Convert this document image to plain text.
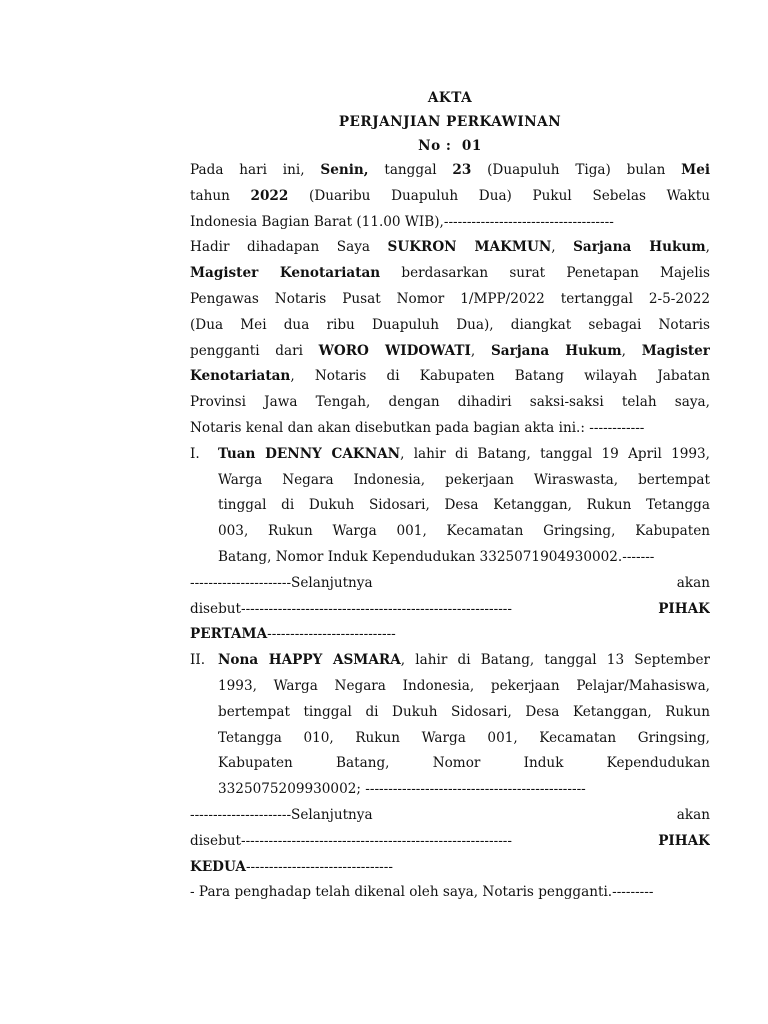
AKTA
PERJANJIAN PERKAWINAN
No : 01
Pada hari ini, Senin, tanggal 23 (Duapuluh Tiga) bulan Mei
tahun 2022 (Duaribu Duapuluh Dua) Pukul Sebelas Waktu
Indonesia Bagian Barat (11.00 WIB),-------------------------------------
Hadir dihadapan Saya SUKRON MAKMUN, Sarjana Hukum,
Magister Kenotariatan berdasarkan surat Penetapan Majelis
Pengawas Notaris Pusat Nomor 1/MPP/2022 tertanggal 2-5-2022
(Dua Mei dua ribu Duapuluh Dua), diangkat sebagai Notaris
pengganti dari WORO WIDOWATI, Sarjana Hukum, Magister
Kenotariatan, Notaris di Kabupaten Batang wilayah Jabatan
Provinsi Jawa Tengah, dengan dihadiri saksi-saksi telah saya,
Notaris kenal dan akan disebutkan pada bagian akta ini.: ------------
I.	Tuan DENNY CAKNAN, lahir di Batang, tanggal 19 April 1993,
Warga Negara Indonesia, pekerjaan Wiraswasta, bertempat
tinggal di Dukuh Sidosari, Desa Ketanggan, Rukun Tetangga
003, Rukun Warga 001, Kecamatan Gringsing, Kabupaten
Batang, Nomor Induk Kependudukan 3325071904930002.-------
----------------------Selanjutnya	akan
disebut-----------------------------------------------------------	PIHAK
PERTAMA----------------------------
II. Nona HAPPY ASMARA, lahir di Batang, tanggal 13 September
1993, Warga Negara Indonesia, pekerjaan Pelajar/Mahasiswa,
bertempat tinggal di Dukuh Sidosari, Desa Ketanggan, Rukun
Tetangga 010, Rukun Warga 001, Kecamatan Gringsing,
Kabupaten	Batang,	Nomor	Induk	Kependudukan
3325075209930002; ------------------------------------------------
----------------------Selanjutnya	akan
disebut-----------------------------------------------------------	PIHAK
KEDUA--------------------------------
- Para penghadap telah dikenal oleh saya, Notaris pengganti.---------
